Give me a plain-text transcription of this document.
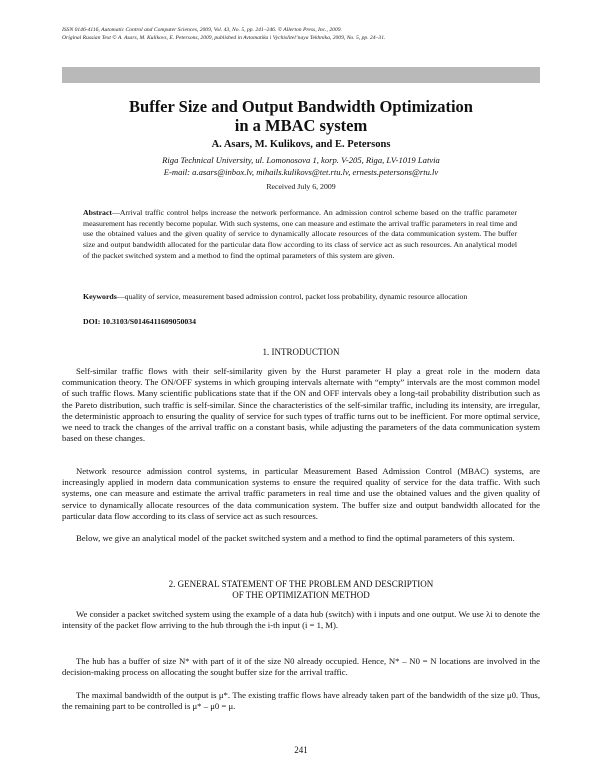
ISSN 0146-4116, Automatic Control and Computer Sciences, 2009, Vol. 43, No. 5, pp. 241–246. © Allerton Press, Inc., 2009.
Original Russian Text © A. Asars, M. Kulikovs, E. Petersons, 2009, published in Avtomatika i Vychislitel’naya Tekhnika, 2009, No. 5, pp. 24–31.
Buffer Size and Output Bandwidth Optimization
in a MBAC system
A. Asars, M. Kulikovs, and E. Petersons
Riga Technical University, ul. Lomonosova 1, korp. V-205, Riga, LV-1019 Latvia
E-mail: a.asars@inbox.lv, mihails.kulikovs@tet.rtu.lv, ernests.petersons@rtu.lv
Received July 6, 2009
Abstract—Arrival traffic control helps increase the network performance. An admission control scheme based on the traffic parameter measurement has recently become popular. With such systems, one can measure and estimate the arrival traffic parameters in real time and use the obtained values and the given quality of service to dynamically allocate resources of the data communication system. The buffer size and output bandwidth allocated for the particular data flow according to its class of service act as such resources. An analytical model of the packet switched system and a method to find the optimal parameters of this system are given.
Keywords—quality of service, measurement based admission control, packet loss probability, dynamic resource allocation
DOI: 10.3103/S0146411609050034
1. INTRODUCTION

Self-similar traffic flows with their self-similarity given by the Hurst parameter H play a great role in the modern data communication theory. The ON/OFF systems in which grouping intervals alternate with “empty” intervals are the most common model of such traffic flows. Many scientific publications state that if the ON and OFF intervals obey a long-tail probability distribution such as the Pareto distribution, such traffic is self-similar. Since the characteristics of the self-similar traffic, including its intensity, are irregular, the deterministic approach to ensuring the quality of service for such types of traffic turns out to be inefficient. For more optimal service, we need to track the changes of the arrival traffic on a constant basis, while adjusting the parameters of the data communication system based on these changes.

Network resource admission control systems, in particular Measurement Based Admission Control (MBAC) systems, are increasingly applied in modern data communication systems to ensure the required quality of service for the data traffic. With such systems, one can measure and estimate the arrival traffic parameters in real time and use the obtained values and the given quality of service to dynamically allocate resources of the data communication system. The buffer size and output bandwidth allocated for the particular data flow according to its class of service act as such resources.

Below, we give an analytical model of the packet switched system and a method to find the optimal parameters of this system.

2. GENERAL STATEMENT OF THE PROBLEM AND DESCRIPTION
OF THE OPTIMIZATION METHOD

We consider a packet switched system using the example of a data hub (switch) with i inputs and one output. We use λi to denote the intensity of the packet flow arriving to the hub through the i-th input (i = 1, M).

The hub has a buffer of size N* with part of it of the size N0 already occupied. Hence, N* – N0 = N locations are involved in the decision-making process on allocating the sought buffer size for the arrival traffic.

The maximal bandwidth of the output is μ*. The existing traffic flows have already taken part of the bandwidth of the size μ0. Thus, the remaining part to be controlled is μ* – μ0 = μ.

241
